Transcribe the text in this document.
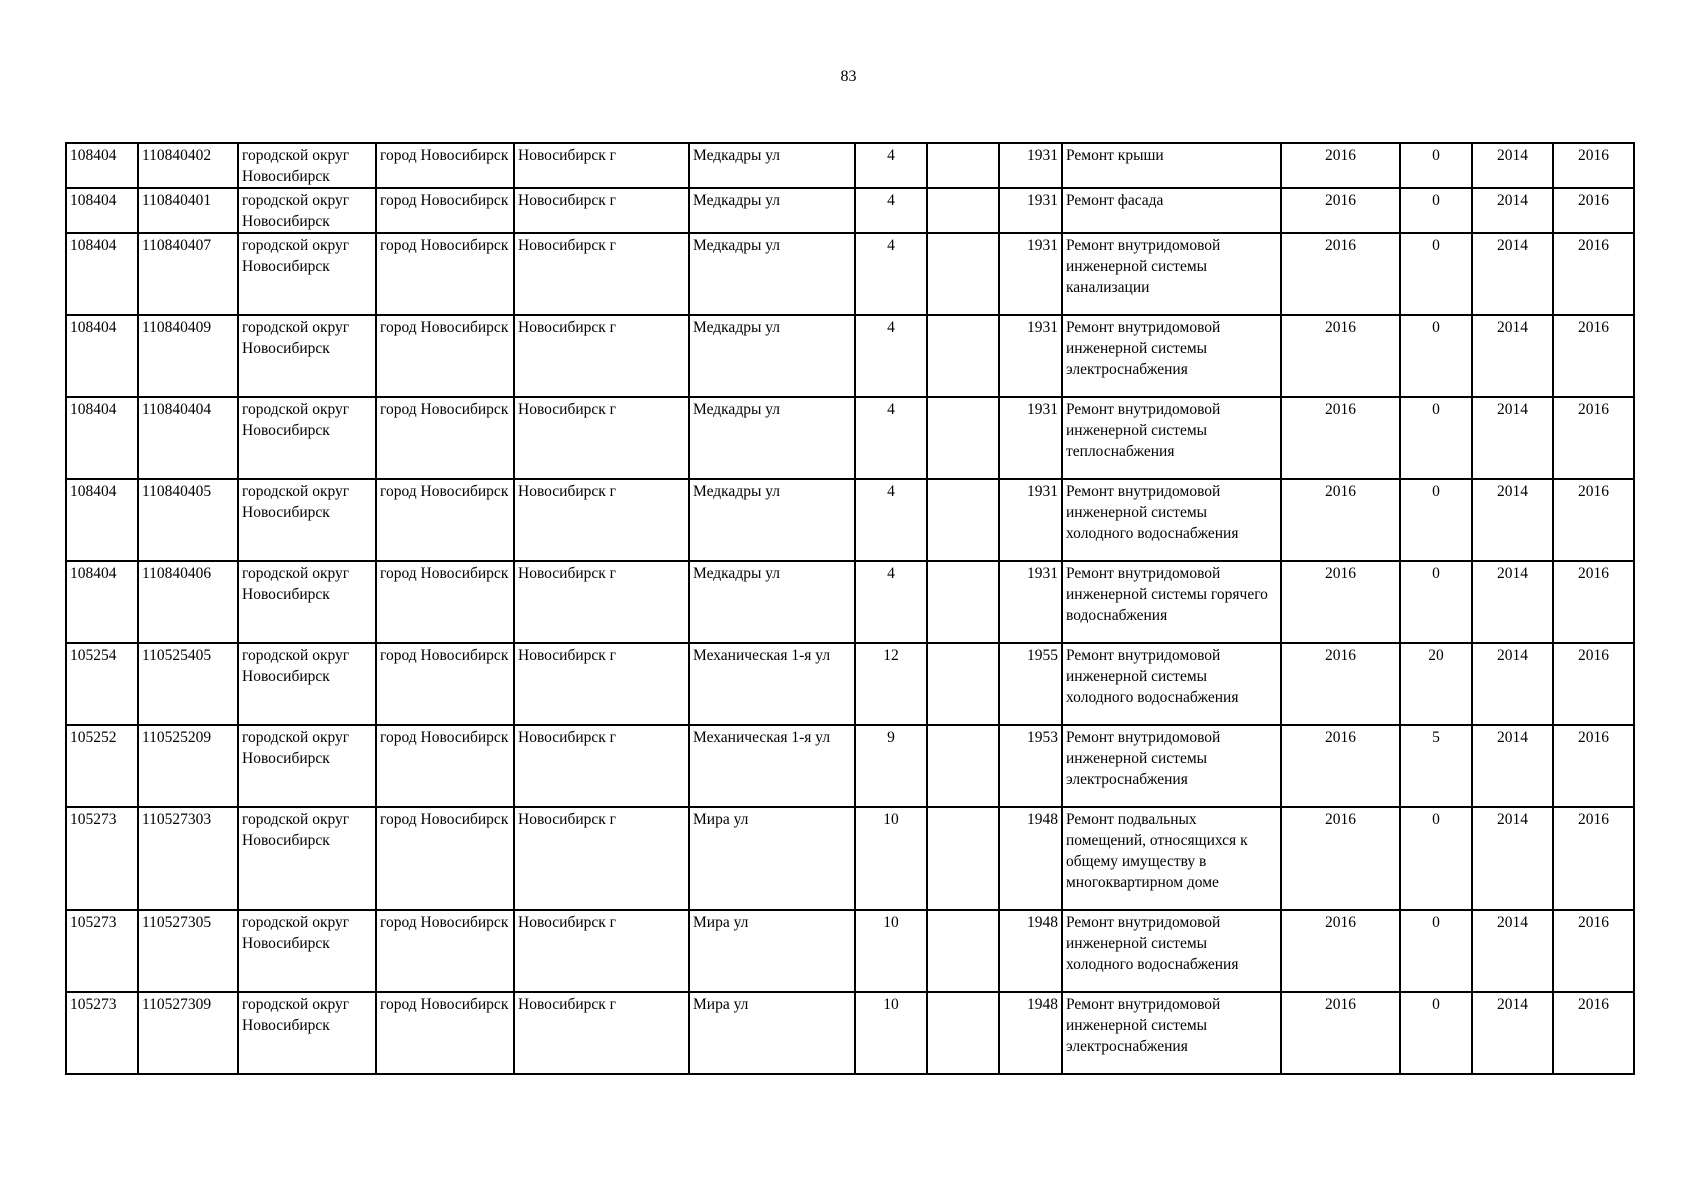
83
108404	110840402	городской округ Новосибирск	город Новосибирск	Новосибирск г	Медкадры ул	4		1931	Ремонт крыши	2016	0	2014	2016
108404	110840401	городской округ Новосибирск	город Новосибирск	Новосибирск г	Медкадры ул	4		1931	Ремонт фасада	2016	0	2014	2016
108404	110840407	городской округ Новосибирск	город Новосибирск	Новосибирск г	Медкадры ул	4		1931	Ремонт внутридомовой инженерной системы канализации	2016	0	2014	2016
108404	110840409	городской округ Новосибирск	город Новосибирск	Новосибирск г	Медкадры ул	4		1931	Ремонт внутридомовой инженерной системы электроснабжения	2016	0	2014	2016
108404	110840404	городской округ Новосибирск	город Новосибирск	Новосибирск г	Медкадры ул	4		1931	Ремонт внутридомовой инженерной системы теплоснабжения	2016	0	2014	2016
108404	110840405	городской округ Новосибирск	город Новосибирск	Новосибирск г	Медкадры ул	4		1931	Ремонт внутридомовой инженерной системы холодного водоснабжения	2016	0	2014	2016
108404	110840406	городской округ Новосибирск	город Новосибирск	Новосибирск г	Медкадры ул	4		1931	Ремонт внутридомовой инженерной системы горячего водоснабжения	2016	0	2014	2016
105254	110525405	городской округ Новосибирск	город Новосибирск	Новосибирск г	Механическая 1-я ул	12		1955	Ремонт внутридомовой инженерной системы холодного водоснабжения	2016	20	2014	2016
105252	110525209	городской округ Новосибирск	город Новосибирск	Новосибирск г	Механическая 1-я ул	9		1953	Ремонт внутридомовой инженерной системы электроснабжения	2016	5	2014	2016
105273	110527303	городской округ Новосибирск	город Новосибирск	Новосибирск г	Мира ул	10		1948	Ремонт подвальных помещений, относящихся к общему имуществу в многоквартирном доме	2016	0	2014	2016
105273	110527305	городской округ Новосибирск	город Новосибирск	Новосибирск г	Мира ул	10		1948	Ремонт внутридомовой инженерной системы холодного водоснабжения	2016	0	2014	2016
105273	110527309	городской округ Новосибирск	город Новосибирск	Новосибирск г	Мира ул	10		1948	Ремонт внутридомовой инженерной системы электроснабжения	2016	0	2014	2016
